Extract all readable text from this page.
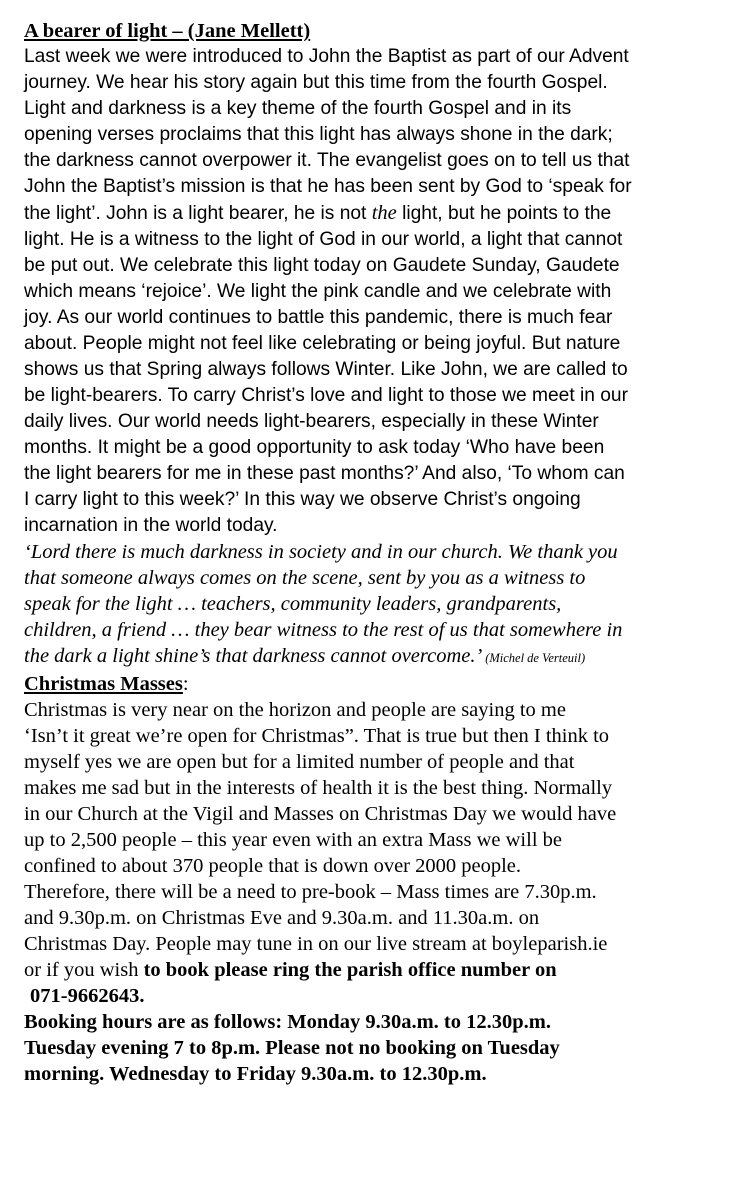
A bearer of light – (Jane Mellett)
Last week we were introduced to John the Baptist as part of our Advent
journey. We hear his story again but this time from the fourth Gospel.
Light and darkness is a key theme of the fourth Gospel and in its
opening verses proclaims that this light has always shone in the dark;
the darkness cannot overpower it. The evangelist goes on to tell us that
John the Baptist’s mission is that he has been sent by God to ‘speak for
the light’. John is a light bearer, he is not the light, but he points to the
light. He is a witness to the light of God in our world, a light that cannot
be put out. We celebrate this light today on Gaudete Sunday, Gaudete
which means ‘rejoice’. We light the pink candle and we celebrate with
joy. As our world continues to battle this pandemic, there is much fear
about. People might not feel like celebrating or being joyful. But nature
shows us that Spring always follows Winter. Like John, we are called to
be light-bearers. To carry Christ’s love and light to those we meet in our
daily lives. Our world needs light-bearers, especially in these Winter
months. It might be a good opportunity to ask today ‘Who have been
the light bearers for me in these past months?’ And also, ‘To whom can
I carry light to this week?’ In this way we observe Christ’s ongoing
incarnation in the world today.
‘Lord there is much darkness in society and in our church. We thank you
that someone always comes on the scene, sent by you as a witness to
speak for the light … teachers, community leaders, grandparents,
children, a friend … they bear witness to the rest of us that somewhere in
the dark a light shine’s that darkness cannot overcome.’ (Michel de Verteuil)
Christmas Masses:
Christmas is very near on the horizon and people are saying to me
‘Isn’t it great we’re open for Christmas”. That is true but then I think to
myself yes we are open but for a limited number of people and that
makes me sad but in the interests of health it is the best thing. Normally
in our Church at the Vigil and Masses on Christmas Day we would have
up to 2,500 people – this year even with an extra Mass we will be
confined to about 370 people that is down over 2000 people.
Therefore, there will be a need to pre-book – Mass times are 7.30p.m.
and 9.30p.m. on Christmas Eve and 9.30a.m. and 11.30a.m. on
Christmas Day. People may tune in on our live stream at boyleparish.ie
or if you wish to book please ring the parish office number on
071-9662643.
Booking hours are as follows: Monday 9.30a.m. to 12.30p.m.
Tuesday evening 7 to 8p.m. Please not no booking on Tuesday
morning. Wednesday to Friday 9.30a.m. to 12.30p.m.
